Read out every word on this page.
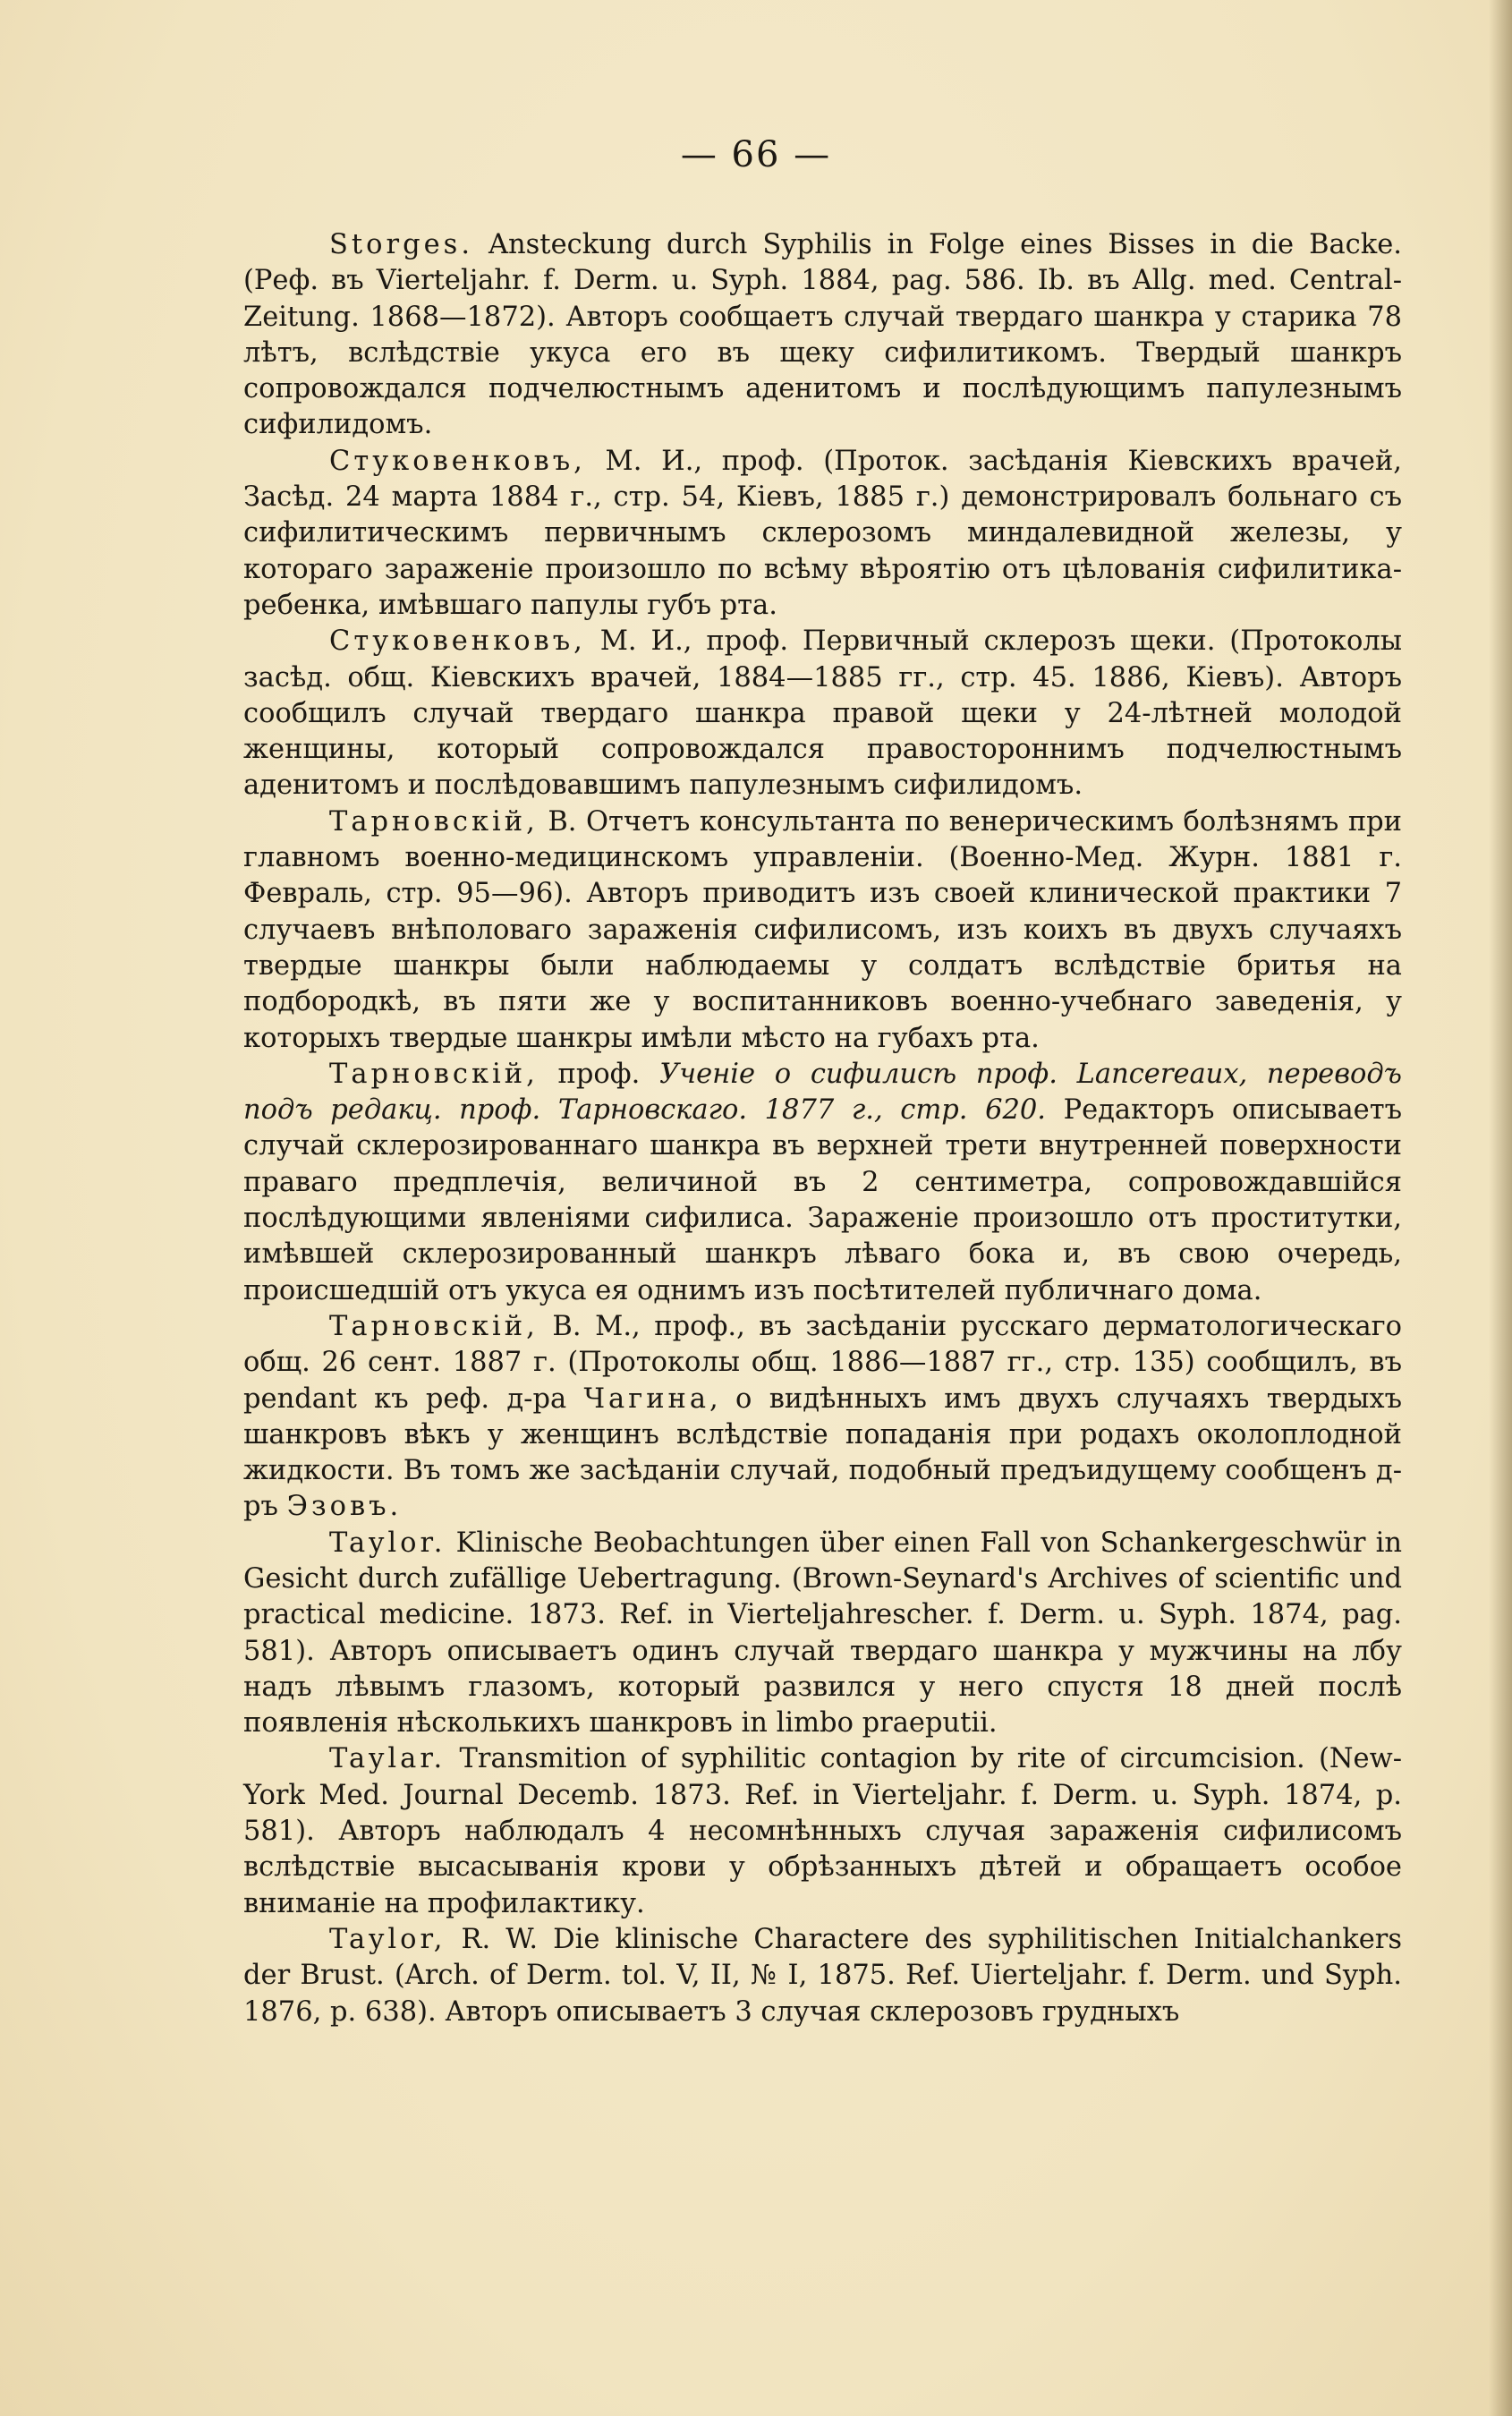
— 66 —

Storges. Ansteckung durch Syphilis in Folge eines Bisses in die Backe. (Реф. въ Vierteljahr. f. Derm. u. Syph. 1884, pag. 586. Ib. въ Allg. med. Central-Zeitung. 1868—1872). Авторъ сообщаетъ случай твердаго шанкра у старика 78 лѣтъ, вслѣдствіе укуса его въ щеку сифилитикомъ. Твердый шанкръ сопровождался подчелюстнымъ аденитомъ и послѣдующимъ папулезнымъ сифилидомъ.

Стуковенковъ, М. И., проф. (Проток. засѣданія Кіевскихъ врачей, Засѣд. 24 марта 1884 г., стр. 54, Кіевъ, 1885 г.) демонстрировалъ больнаго съ сифилитическимъ первичнымъ склерозомъ миндалевидной железы, у котораго зараженіе произошло по всѣму вѣроятію отъ цѣлованія сифилитика-ребенка, имѣвшаго папулы губъ рта.

Стуковенковъ, М. И., проф. Первичный склерозъ щеки. (Протоколы засѣд. общ. Кіевскихъ врачей, 1884—1885 гг., стр. 45. 1886, Кіевъ). Авторъ сообщилъ случай твердаго шанкра правой щеки у 24-лѣтней молодой женщины, который сопровождался правостороннимъ подчелюстнымъ аденитомъ и послѣдовавшимъ папулезнымъ сифилидомъ.

Тарновскій, В. Отчетъ консультанта по венерическимъ болѣзнямъ при главномъ военно-медицинскомъ управленіи. (Военно-Мед. Журн. 1881 г. Февраль, стр. 95—96). Авторъ приводитъ изъ своей клинической практики 7 случаевъ внѣполоваго зараженія сифилисомъ, изъ коихъ въ двухъ случаяхъ твердые шанкры были наблюдаемы у солдатъ вслѣдствіе бритья на подбородкѣ, въ пяти же у воспитанниковъ военно-учебнаго заведенія, у которыхъ твердые шанкры имѣли мѣсто на губахъ рта.

Тарновскій, проф. Ученіе о сифилисѣ проф. Lancereaux, переводъ подъ редакц. проф. Тарновскаго. 1877 г., стр. 620. Редакторъ описываетъ случай склерозированнаго шанкра въ верхней трети внутренней поверхности праваго предплечія, величиной въ 2 сентиметра, сопровождавшійся послѣдующими явленіями сифилиса. Зараженіе произошло отъ проститутки, имѣвшей склерозированный шанкръ лѣваго бока и, въ свою очередь, происшедшій отъ укуса ея однимъ изъ посѣтителей публичнаго дома.

Тарновскій, В. М., проф., въ засѣданіи русскаго дерматологическаго общ. 26 сент. 1887 г. (Протоколы общ. 1886—1887 гг., стр. 135) сообщилъ, въ pendant къ реф. д-ра Чагина, о видѣнныхъ имъ двухъ случаяхъ твердыхъ шанкровъ вѣкъ у женщинъ вслѣдствіе попаданія при родахъ околоплодной жидкости. Въ томъ же засѣданіи случай, подобный предъидущему сообщенъ д-ръ Эзовъ.

Taylor. Klinische Beobachtungen über einen Fall von Schankergeschwür in Gesicht durch zufällige Uebertragung. (Brown-Seynard's Archives of scientific und practical medicine. 1873. Ref. in Vierteljahrescher. f. Derm. u. Syph. 1874, pag. 581). Авторъ описываетъ одинъ случай твердаго шанкра у мужчины на лбу надъ лѣвымъ глазомъ, который развился у него спустя 18 дней послѣ появленія нѣсколькихъ шанкровъ in limbo praeputii.

Taylar. Transmition of syphilitic contagion by rite of circumcision. (New-York Med. Journal Decemb. 1873. Ref. in Vierteljahr. f. Derm. u. Syph. 1874, p. 581). Авторъ наблюдалъ 4 несомнѣнныхъ случая зараженія сифилисомъ вслѣдствіе высасыванія крови у обрѣзанныхъ дѣтей и обращаетъ особое вниманіе на профилактику.

Taylor, R. W. Die klinische Charactere des syphilitischen Initialchankers der Brust. (Arch. of Derm. tol. V, II, № I, 1875. Ref. Uierteljahr. f. Derm. und Syph. 1876, p. 638). Авторъ описываетъ 3 случая склерозовъ грудныхъ
